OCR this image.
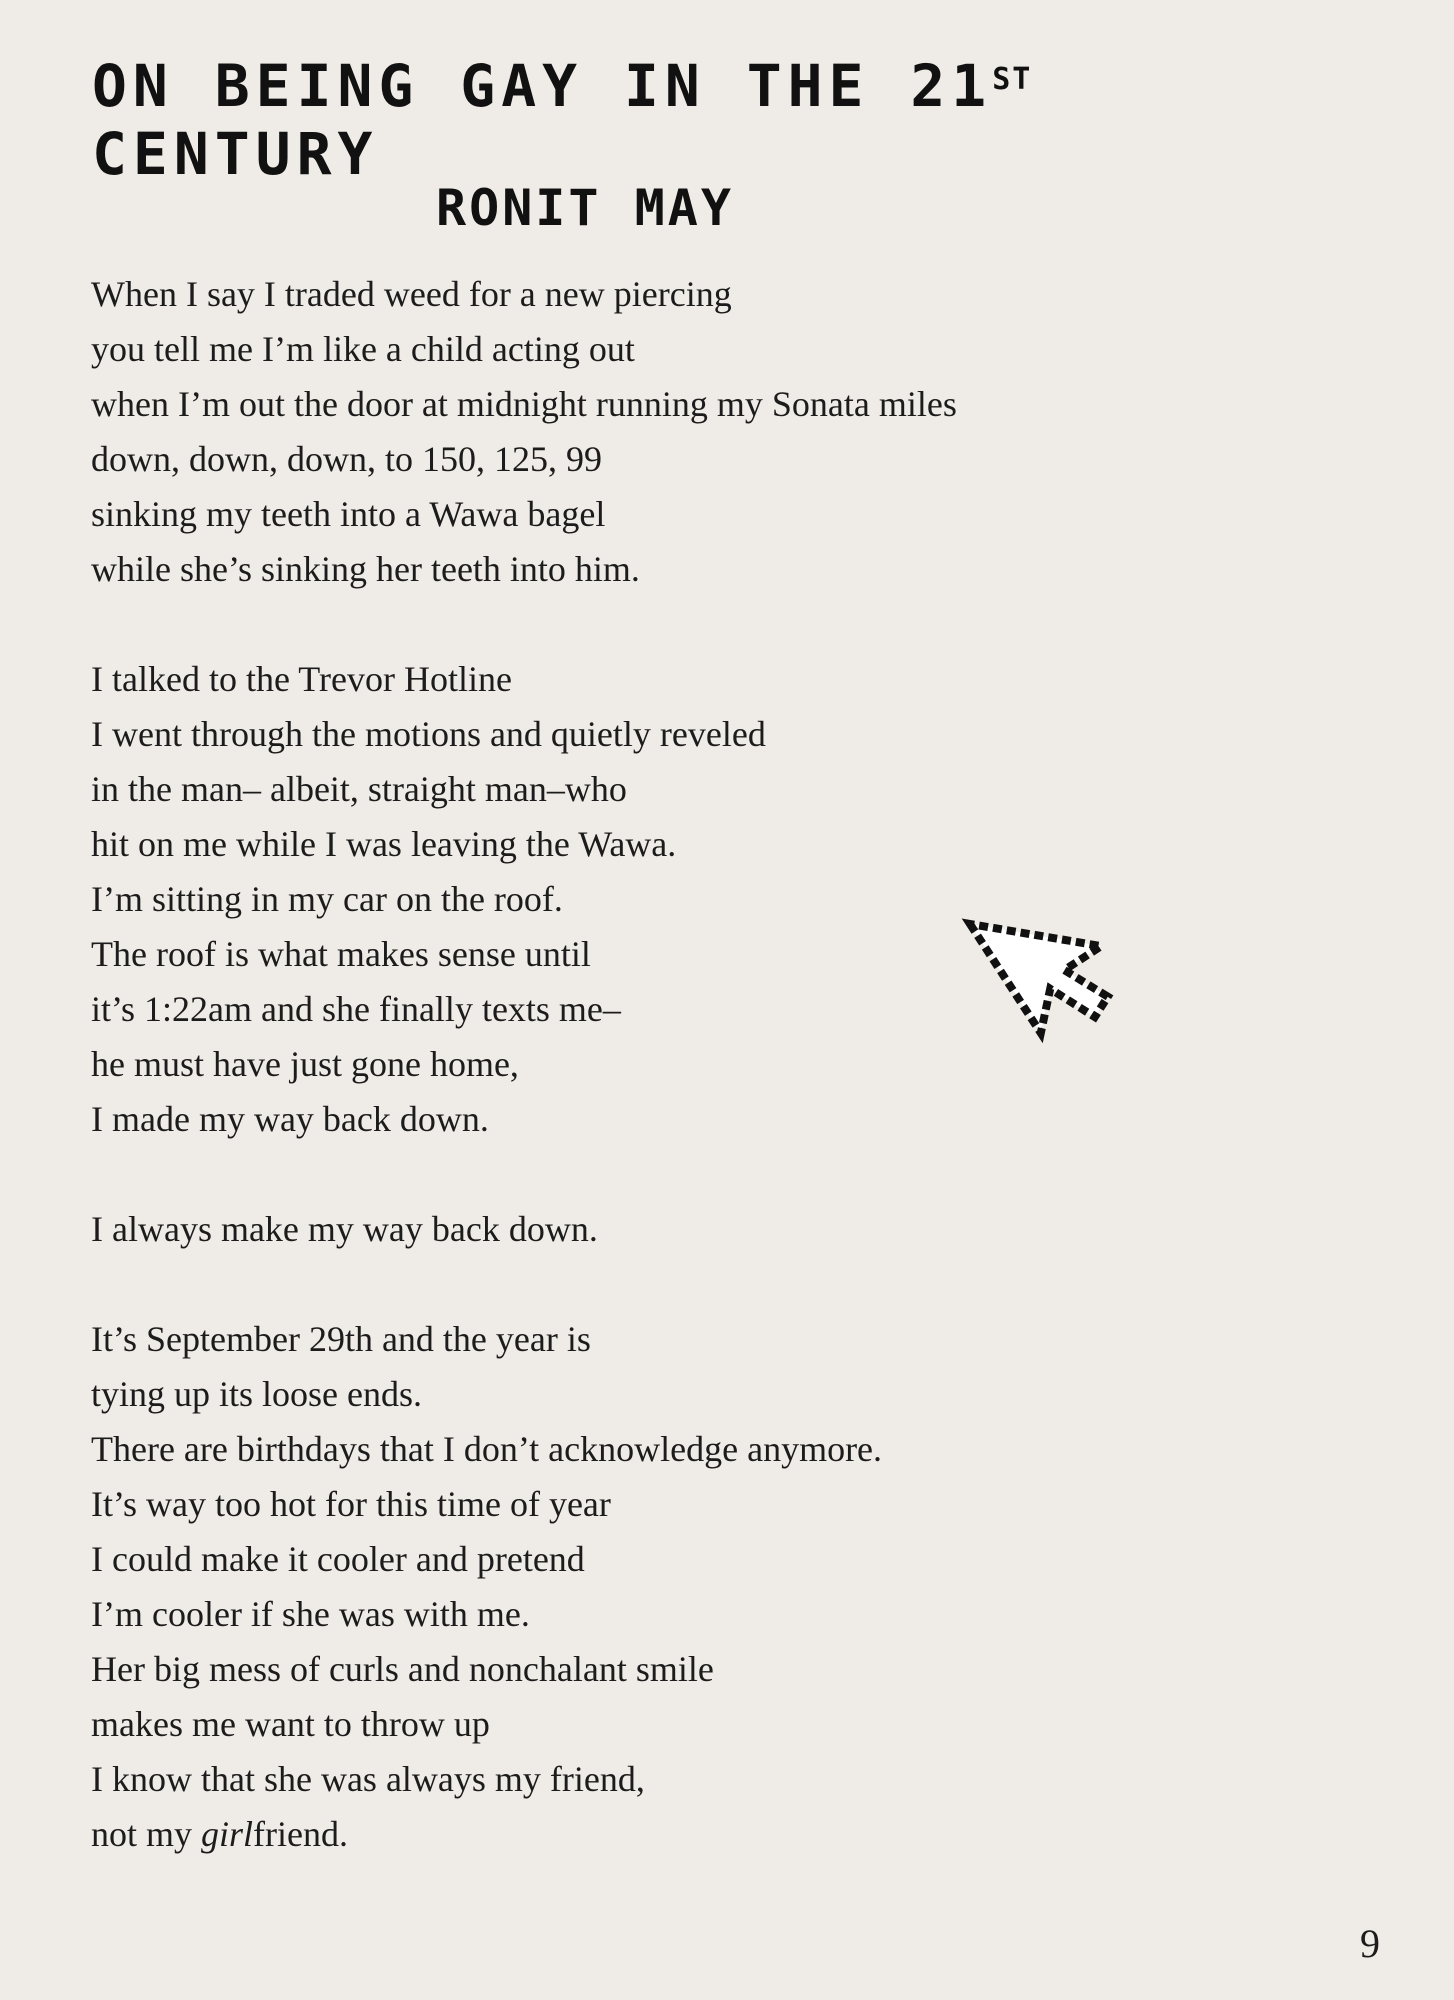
ON BEING GAY IN THE 21ST
CENTURY
RONIT MAY
When I say I traded weed for a new piercing
you tell me I’m like a child acting out
when I’m out the door at midnight running my Sonata miles
down, down, down, to 150, 125, 99
sinking my teeth into a Wawa bagel
while she’s sinking her teeth into him.
I talked to the Trevor Hotline
I went through the motions and quietly reveled
in the man– albeit, straight man–who
hit on me while I was leaving the Wawa.
I’m sitting in my car on the roof.
The roof is what makes sense until
it’s 1:22am and she finally texts me–
he must have just gone home,
I made my way back down.
I always make my way back down.
It’s September 29th and the year is
tying up its loose ends.
There are birthdays that I don’t acknowledge anymore.
It’s way too hot for this time of year
I could make it cooler and pretend
I’m cooler if she was with me.
Her big mess of curls and nonchalant smile
makes me want to throw up
I know that she was always my friend,
not my girlfriend.
9
